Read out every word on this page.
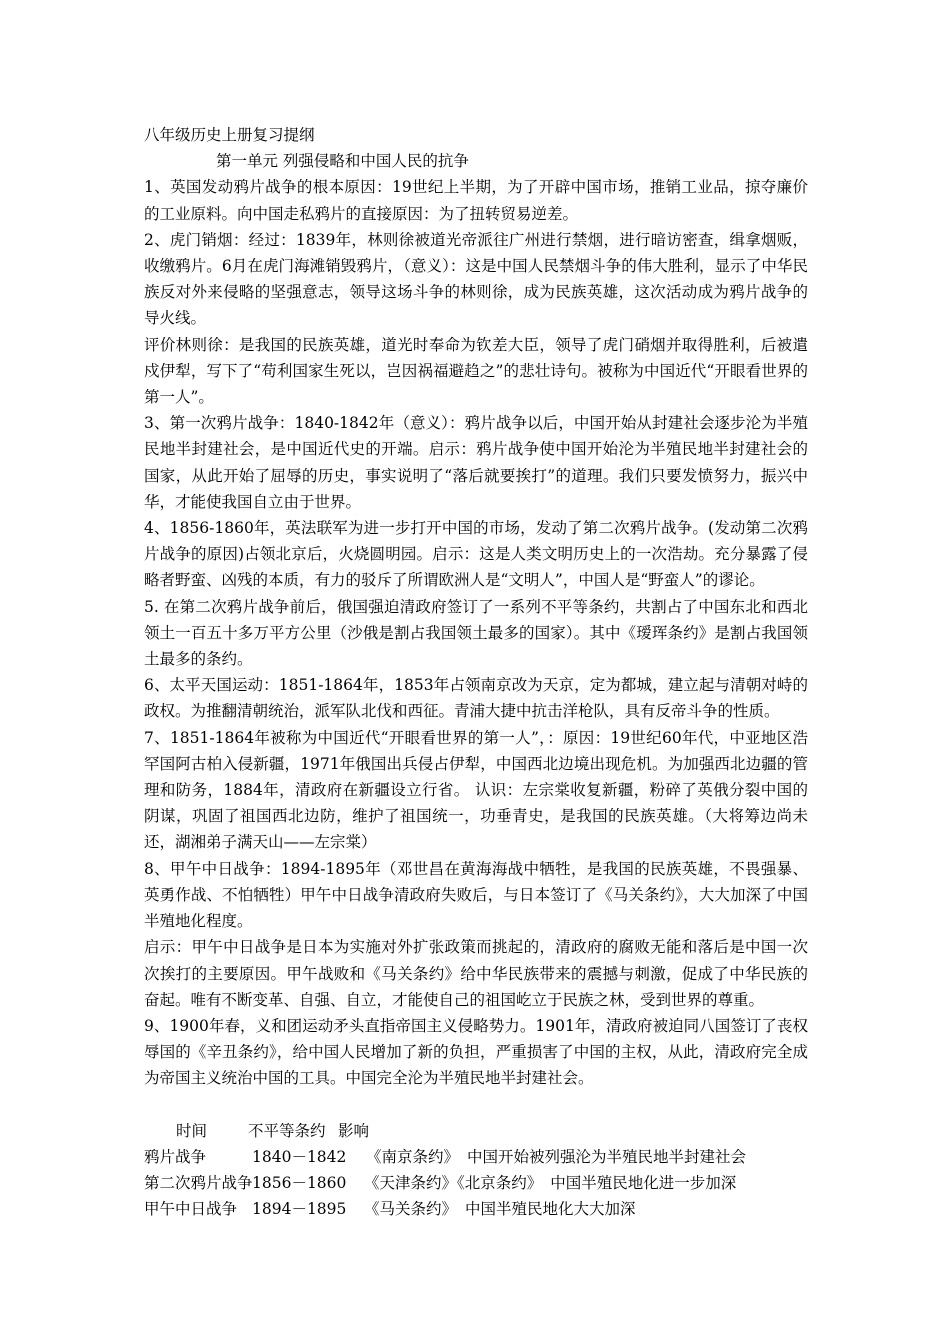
八年级历史上册复习提纲
第一单元 列强侵略和中国人民的抗争

1、英国发动鸦片战争的根本原因：19世纪上半期，为了开辟中国市场，推销工业品，掠夺廉价的工业原料。向中国走私鸦片的直接原因：为了扭转贸易逆差。

2、虎门销烟：经过：1839年，林则徐被道光帝派往广州进行禁烟，进行暗访密查，缉拿烟贩，收缴鸦片。6月在虎门海滩销毁鸦片，（意义）：这是中国人民禁烟斗争的伟大胜利，显示了中华民族反对外来侵略的坚强意志，领导这场斗争的林则徐，成为民族英雄，这次活动成为鸦片战争的导火线。

评价林则徐：是我国的民族英雄，道光时奉命为钦差大臣，领导了虎门硝烟并取得胜利，后被遣戍伊犁，写下了“苟利国家生死以，岂因祸福避趋之”的悲壮诗句。被称为中国近代“开眼看世界的第一人”。

3、第一次鸦片战争：1840-1842年（意义）：鸦片战争以后，中国开始从封建社会逐步沦为半殖民地半封建社会，是中国近代史的开端。启示：鸦片战争使中国开始沦为半殖民地半封建社会的国家，从此开始了屈辱的历史，事实说明了“落后就要挨打”的道理。我们只要发愤努力，振兴中华，才能使我国自立由于世界。

4、1856-1860年，英法联军为进一步打开中国的市场，发动了第二次鸦片战争。(发动第二次鸦片战争的原因)占领北京后，火烧圆明园。启示：这是人类文明历史上的一次浩劫。充分暴露了侵略者野蛮、凶残的本质，有力的驳斥了所谓欧洲人是“文明人”，中国人是“野蛮人”的谬论。

5. 在第二次鸦片战争前后，俄国强迫清政府签订了一系列不平等条约，共割占了中国东北和西北领土一百五十多万平方公里（沙俄是割占我国领土最多的国家）。其中《瑷珲条约》是割占我国领土最多的条约。

6、太平天国运动：1851-1864年，1853年占领南京改为天京，定为都城，建立起与清朝对峙的政权。为推翻清朝统治，派军队北伐和西征。青浦大捷中抗击洋枪队，具有反帝斗争的性质。

7、1851-1864年被称为中国近代“开眼看世界的第一人”，：原因：19世纪60年代，中亚地区浩罕国阿古柏入侵新疆，1971年俄国出兵侵占伊犁，中国西北边境出现危机。为加强西北边疆的管理和防务，1884年，清政府在新疆设立行省。 认识：左宗棠收复新疆，粉碎了英俄分裂中国的阴谋，巩固了祖国西北边防，维护了祖国统一，功垂青史，是我国的民族英雄。（大将筹边尚未还，湖湘弟子满天山——左宗棠）

8、甲午中日战争：1894-1895年（邓世昌在黄海海战中牺牲，是我国的民族英雄，不畏强暴、英勇作战、不怕牺牲）甲午中日战争清政府失败后，与日本签订了《马关条约》，大大加深了中国半殖地化程度。

启示：甲午中日战争是日本为实施对外扩张政策而挑起的，清政府的腐败无能和落后是中国一次次挨打的主要原因。甲午战败和《马关条约》给中华民族带来的震撼与刺激，促成了中华民族的奋起。唯有不断变革、自强、自立，才能使自己的祖国屹立于民族之林，受到世界的尊重。

9、1900年春，义和团运动矛头直指帝国主义侵略势力。1901年，清政府被迫同八国签订了丧权辱国的《辛丑条约》，给中国人民增加了新的负担，严重损害了中国的主权，从此，清政府完全成为帝国主义统治中国的工具。中国完全沦为半殖民地半封建社会。

时间	不平等条约 影响
鸦片战争	1840－1842	《南京条约》 中国开始被列强沦为半殖民地半封建社会
第二次鸦片战争 1856－1860	《天津条约》《北京条约》 中国半殖民地化进一步加深
甲午中日战争 1894－1895	《马关条约》 中国半殖民地化大大加深
